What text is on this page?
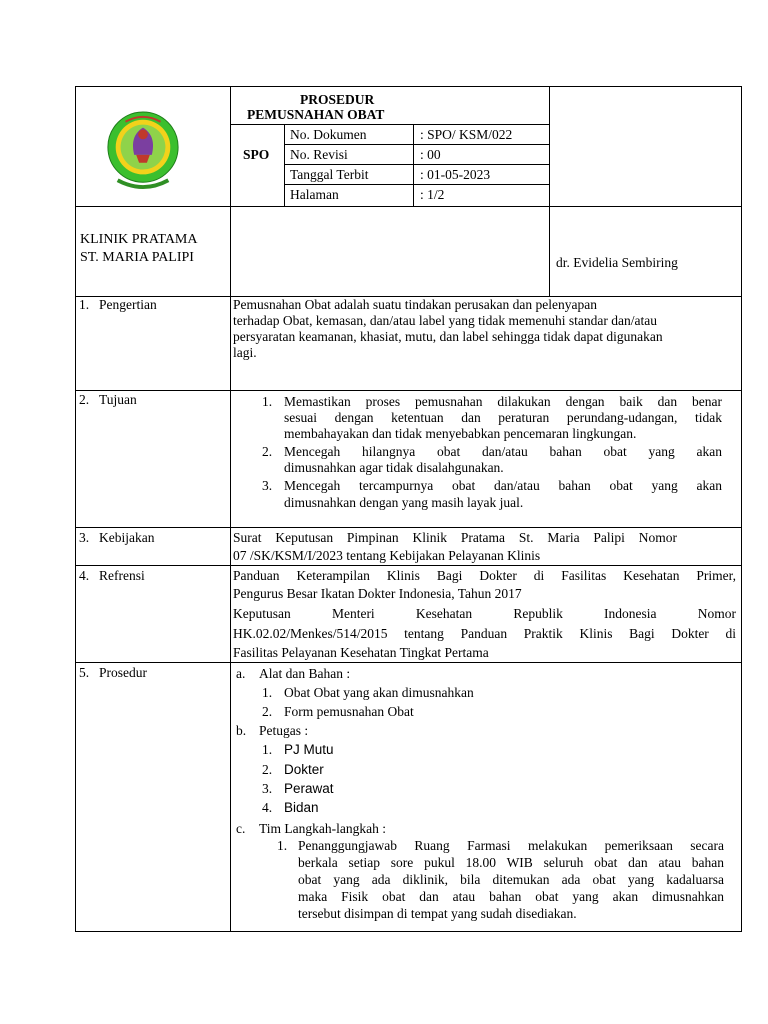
PROSEDUR
PEMUSNAHAN OBAT
SPO
No. Dokumen	: SPO/ KSM/022
No. Revisi	: 00
Tanggal Terbit	: 01-05-2023
Halaman	: 1/2
KLINIK PRATAMA
ST. MARIA PALIPI	dr. Evidelia Sembiring
1. Pengertian	Pemusnahan Obat adalah suatu tindakan perusakan dan pelenyapan
terhadap Obat, kemasan, dan/atau label yang tidak memenuhi standar dan/atau
persyaratan keamanan, khasiat, mutu, dan label sehingga tidak dapat digunakan
lagi.
2. Tujuan	1. Memastikan proses pemusnahan dilakukan dengan baik dan benar
sesuai dengan ketentuan dan peraturan perundang-udangan, tidak
membahayakan dan tidak menyebabkan pencemaran lingkungan.
2. Mencegah hilangnya obat dan/atau bahan obat yang akan
dimusnahkan agar tidak disalahgunakan.
3. Mencegah tercampurnya obat dan/atau bahan obat yang akan
dimusnahkan dengan yang masih layak jual.
3. Kebijakan	Surat Keputusan Pimpinan Klinik Pratama St. Maria Palipi Nomor
07 /SK/KSM/I/2023 tentang Kebijakan Pelayanan Klinis
4. Refrensi	Panduan Keterampilan Klinis Bagi Dokter di Fasilitas Kesehatan Primer,
Pengurus Besar Ikatan Dokter Indonesia, Tahun 2017
Keputusan Menteri Kesehatan Republik Indonesia Nomor
HK.02.02/Menkes/514/2015 tentang Panduan Praktik Klinis Bagi Dokter di
Fasilitas Pelayanan Kesehatan Tingkat Pertama
5. Prosedur	a. Alat dan Bahan :
1. Obat Obat yang akan dimusnahkan
2. Form pemusnahan Obat
b. Petugas :
1. PJ Mutu
2. Dokter
3. Perawat
4. Bidan
c. Tim Langkah-langkah :
1. Penanggungjawab Ruang Farmasi melakukan pemeriksaan secara
berkala setiap sore pukul 18.00 WIB seluruh obat dan atau bahan
obat yang ada diklinik, bila ditemukan ada obat yang kadaluarsa
maka Fisik obat dan atau bahan obat yang akan dimusnahkan
tersebut disimpan di tempat yang sudah disediakan.
